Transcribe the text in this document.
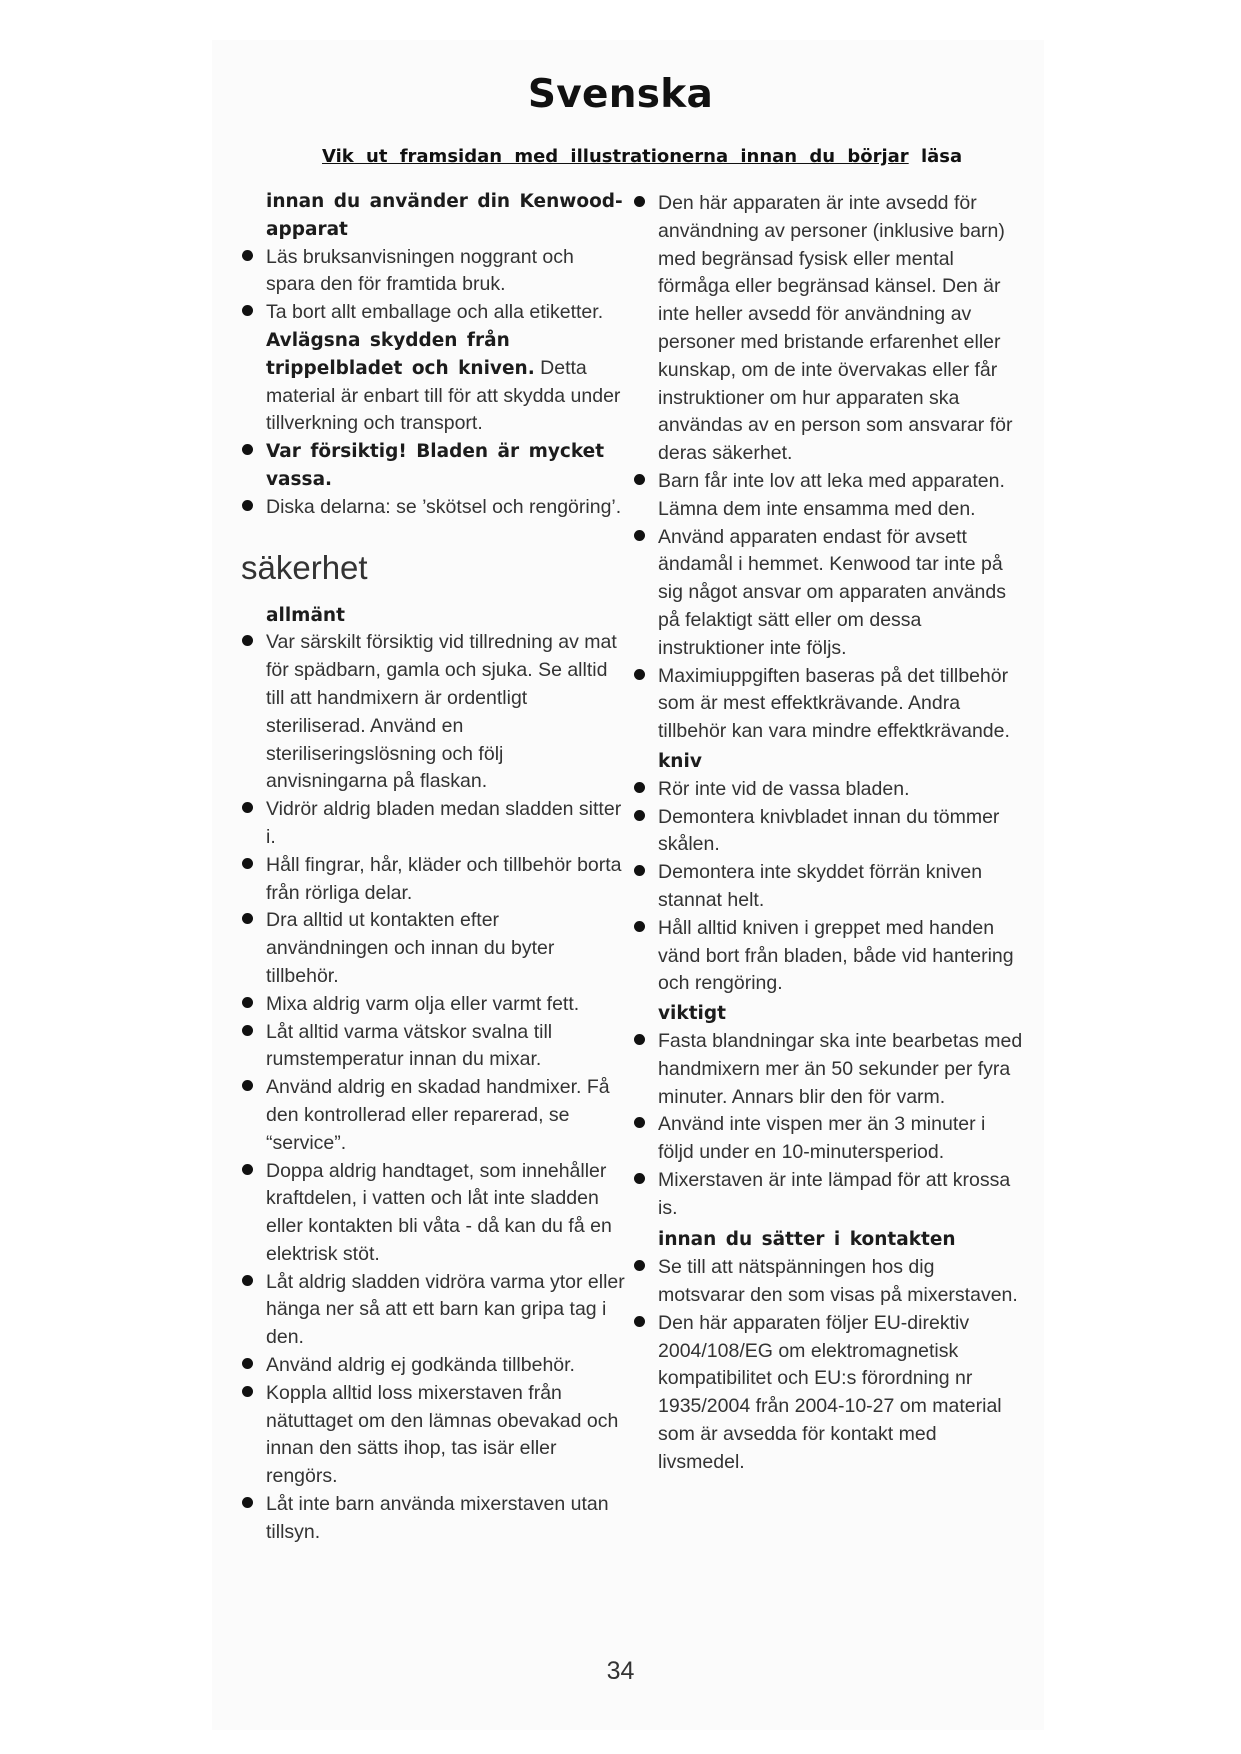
Svenska
Vik ut framsidan med illustrationerna innan du börjar läsa
innan du använder din Kenwood-apparat
Läs bruksanvisningen noggrant och spara den för framtida bruk.
Ta bort allt emballage och alla etiketter. Avlägsna skydden från trippelbladet och kniven. Detta material är enbart till för att skydda under tillverkning och transport.
Var försiktig! Bladen är mycket vassa.
Diska delarna: se ’skötsel och rengöring’.
säkerhet
allmänt
Var särskilt försiktig vid tillredning av mat för spädbarn, gamla och sjuka. Se alltid till att handmixern är ordentligt steriliserad. Använd en steriliseringslösning och följ anvisningarna på flaskan.
Vidrör aldrig bladen medan sladden sitter i.
Håll fingrar, hår, kläder och tillbehör borta från rörliga delar.
Dra alltid ut kontakten efter användningen och innan du byter tillbehör.
Mixa aldrig varm olja eller varmt fett.
Låt alltid varma vätskor svalna till rumstemperatur innan du mixar.
Använd aldrig en skadad handmixer. Få den kontrollerad eller reparerad, se “service”.
Doppa aldrig handtaget, som innehåller kraftdelen, i vatten och låt inte sladden eller kontakten bli våta - då kan du få en elektrisk stöt.
Låt aldrig sladden vidröra varma ytor eller hänga ner så att ett barn kan gripa tag i den.
Använd aldrig ej godkända tillbehör.
Koppla alltid loss mixerstaven från nätuttaget om den lämnas obevakad och innan den sätts ihop, tas isär eller rengörs.
Låt inte barn använda mixerstaven utan tillsyn.
Den här apparaten är inte avsedd för användning av personer (inklusive barn) med begränsad fysisk eller mental förmåga eller begränsad känsel. Den är inte heller avsedd för användning av personer med bristande erfarenhet eller kunskap, om de inte övervakas eller får instruktioner om hur apparaten ska användas av en person som ansvarar för deras säkerhet.
Barn får inte lov att leka med apparaten. Lämna dem inte ensamma med den.
Använd apparaten endast för avsett ändamål i hemmet. Kenwood tar inte på sig något ansvar om apparaten används på felaktigt sätt eller om dessa instruktioner inte följs.
Maximiuppgiften baseras på det tillbehör som är mest effektkrävande. Andra tillbehör kan vara mindre effektkrävande.
kniv
Rör inte vid de vassa bladen.
Demontera knivbladet innan du tömmer skålen.
Demontera inte skyddet förrän kniven stannat helt.
Håll alltid kniven i greppet med handen vänd bort från bladen, både vid hantering och rengöring.
viktigt
Fasta blandningar ska inte bearbetas med handmixern mer än 50 sekunder per fyra minuter. Annars blir den för varm.
Använd inte vispen mer än 3 minuter i följd under en 10-minutersperiod.
Mixerstaven är inte lämpad för att krossa is.
innan du sätter i kontakten
Se till att nätspänningen hos dig motsvarar den som visas på mixerstaven.
Den här apparaten följer EU-direktiv 2004/108/EG om elektromagnetisk kompatibilitet och EU:s förordning nr 1935/2004 från 2004-10-27 om material som är avsedda för kontakt med livsmedel.
34
